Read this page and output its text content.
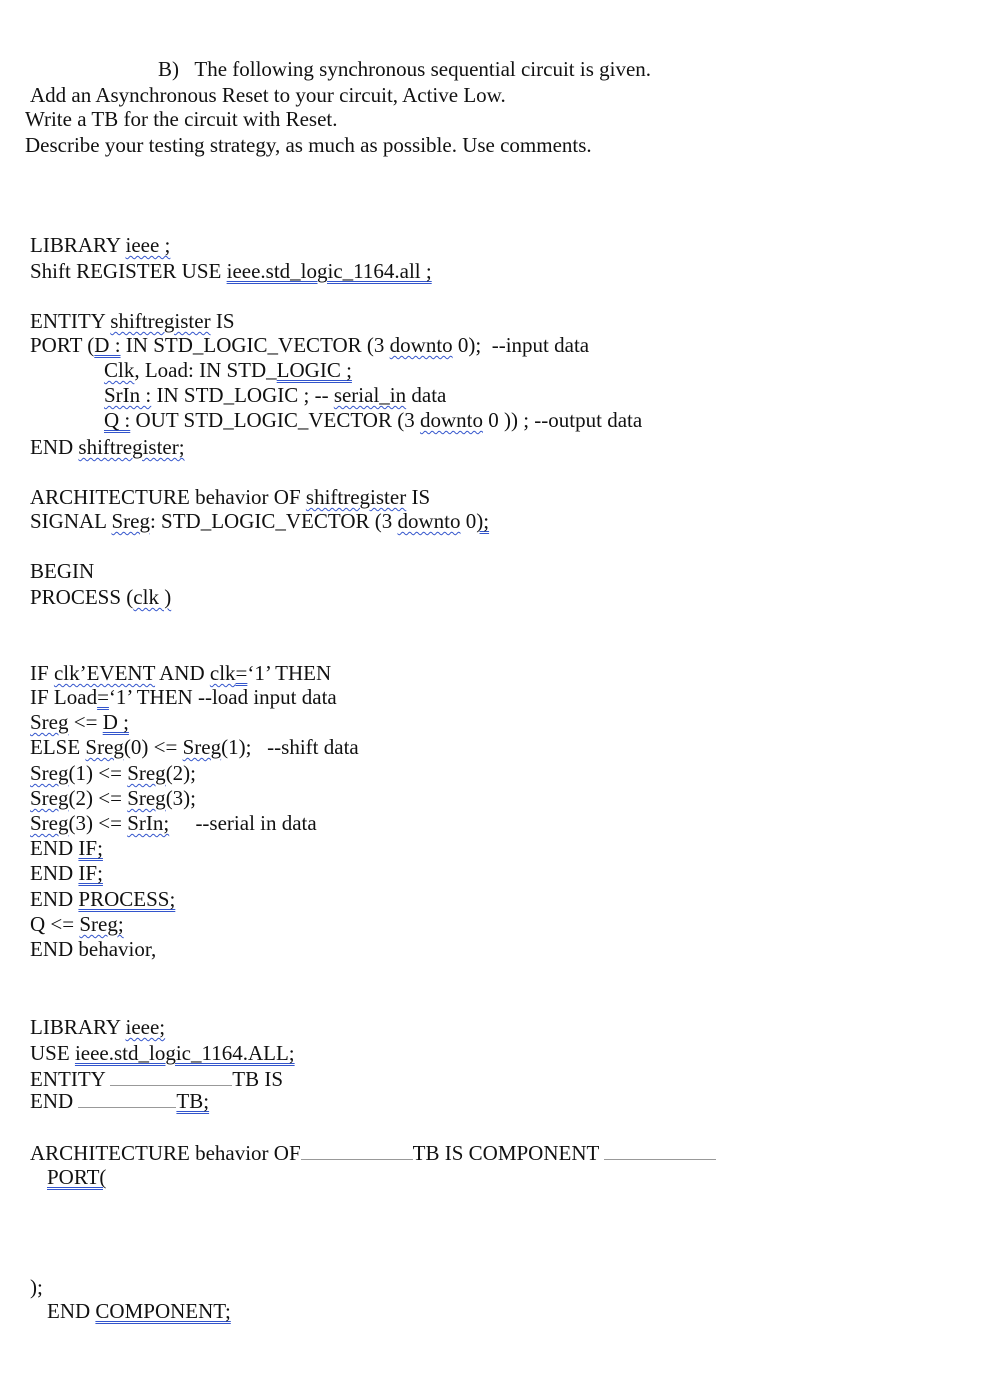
B)   The following synchronous sequential circuit is given.
Add an Asynchronous Reset to your circuit, Active Low.
Write a TB for the circuit with Reset.
Describe your testing strategy, as much as possible. Use comments.
LIBRARY ieee ;
Shift REGISTER USE ieee.std_logic_1164.all ;
ENTITY shiftregister IS
PORT (D : IN STD_LOGIC_VECTOR (3 downto 0);  --input data
Clk, Load: IN STD_LOGIC ;
SrIn : IN STD_LOGIC ; -- serial_in data
Q : OUT STD_LOGIC_VECTOR (3 downto 0 )) ; --output data
END shiftregister;
ARCHITECTURE behavior OF shiftregister IS
SIGNAL Sreg: STD_LOGIC_VECTOR (3 downto 0);
BEGIN
PROCESS (clk )
IF clk’EVENT AND clk=‘1’ THEN
IF Load=‘1’ THEN --load input data
Sreg <= D ;
ELSE Sreg(0) <= Sreg(1);   --shift data
Sreg(1) <= Sreg(2);
Sreg(2) <= Sreg(3);
Sreg(3) <= SrIn;     --serial in data
END IF;
END IF;
END PROCESS;
Q <= Sreg;
END behavior,
LIBRARY ieee;
USE ieee.std_logic_1164.ALL;
ENTITY	TB IS
END	TB;
ARCHITECTURE behavior OF	TB IS COMPONENT
PORT(
);
END COMPONENT;
